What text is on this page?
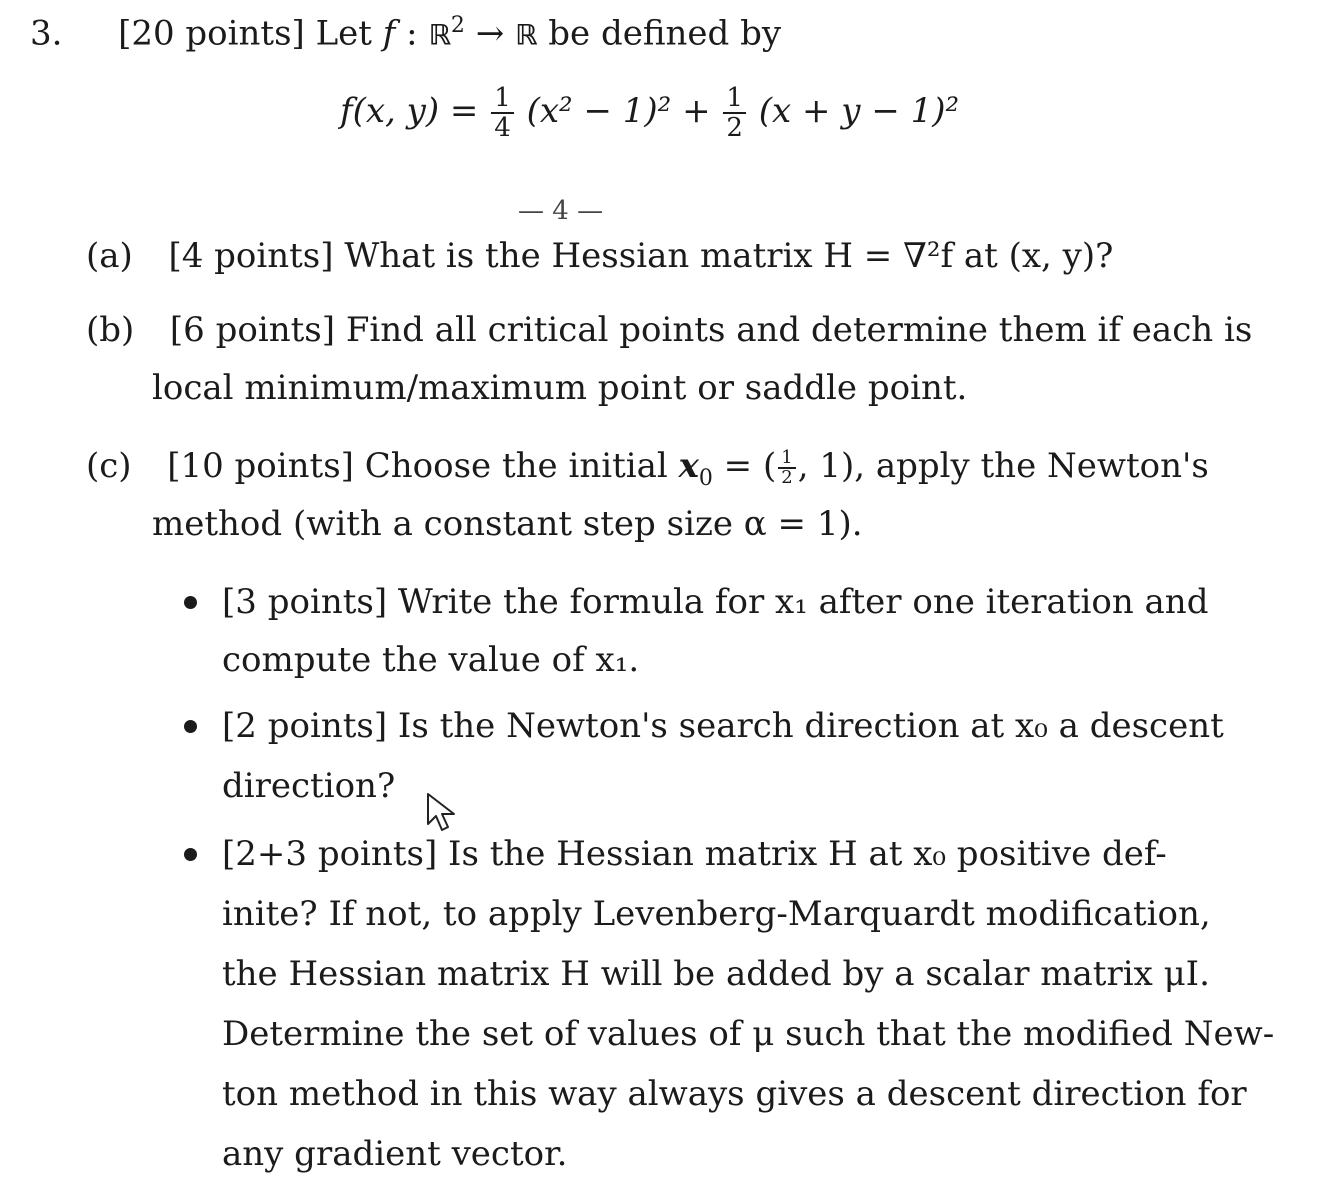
3. [20 points] Let f : ℝ$^2$ → ℝ be defined by
f(x, $y) = \frac{1}{4} (x^2 - 1)^2 + \frac{1}{2} (x + y - 1)^2$
— 4 —
(a) [4 points] What is the Hessian matrix H = ∇²f at (x, y)?
(b) [6 points] Find all critical points and determine them if each is
local minimum/maximum point or saddle point.
(c) [10 points] Choose the initial $x_0$ = ( $\frac{1}{2}$ , 1), apply the Newton's
method (with a constant step size α = 1).
[3 points] Write the formula for x₁ after one iteration and
compute the value of x₁.
[2 points] Is the Newton's search direction at x₀ a descent
direction?
[2+3 points] Is the Hessian matrix H at x₀ positive def-
inite? If not, to apply Levenberg-Marquardt modification,
the Hessian matrix H will be added by a scalar matrix μI.
Determine the set of values of μ such that the modified New-
ton method in this way always gives a descent direction for
any gradient vector.
